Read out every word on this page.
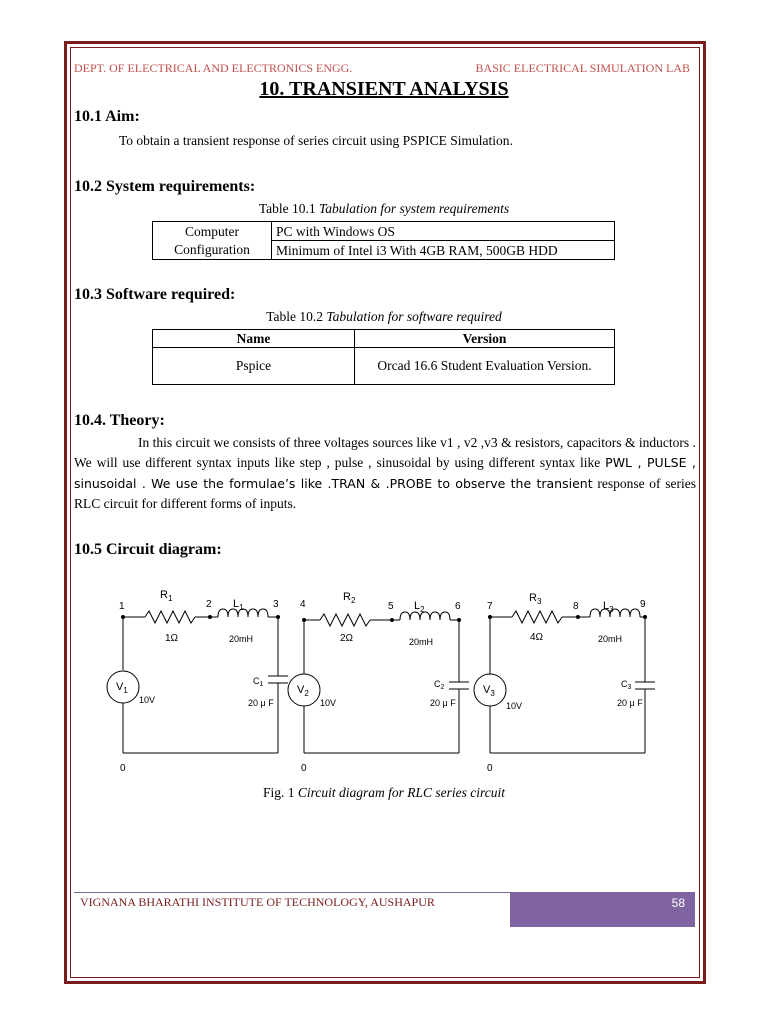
DEPT. OF ELECTRICAL AND ELECTRONICS ENGG.	BASIC ELECTRICAL SIMULATION LAB
10. TRANSIENT ANALYSIS
10.1 Aim:
To obtain a transient response of series circuit using PSPICE Simulation.
10.2 System requirements:
Table 10.1 Tabulation for system requirements
Computer
Configuration	PC with Windows OS
Minimum of Intel i3 With 4GB RAM, 500GB HDD
10.3 Software required:
Table 10.2 Tabulation for software required
Name	Version
Pspice	Orcad 16.6 Student Evaluation Version.
10.4. Theory:
In this circuit we consists of three voltages sources like v1 , v2 ,v3 & resistors, capacitors & inductors . We will use different syntax inputs like step , pulse , sinusoidal by using different syntax like PWL , PULSE , sinusoidal . We use the formulae’s like .TRAN & .PROBE to observe the transient response of series RLC circuit for different forms of inputs.
10.5 Circuit diagram:
1	2	3 4	5	6	7	8	9
0	0	0
$R_1$
1Ω
$L_1$
20mH
$C_1$
20 μ F
$V_1$
10V
$R_2$
2Ω
$L_2$
20mH
$C_2$
20 μ F
$V_2$
10V
$R_3$
4Ω
$L_3$
20mH
$C_3$
20 μ F
$V_3$
10V
Fig. 1 Circuit diagram for RLC series circuit
VIGNANA BHARATHI INSTITUTE OF TECHNOLOGY, AUSHAPUR	58
